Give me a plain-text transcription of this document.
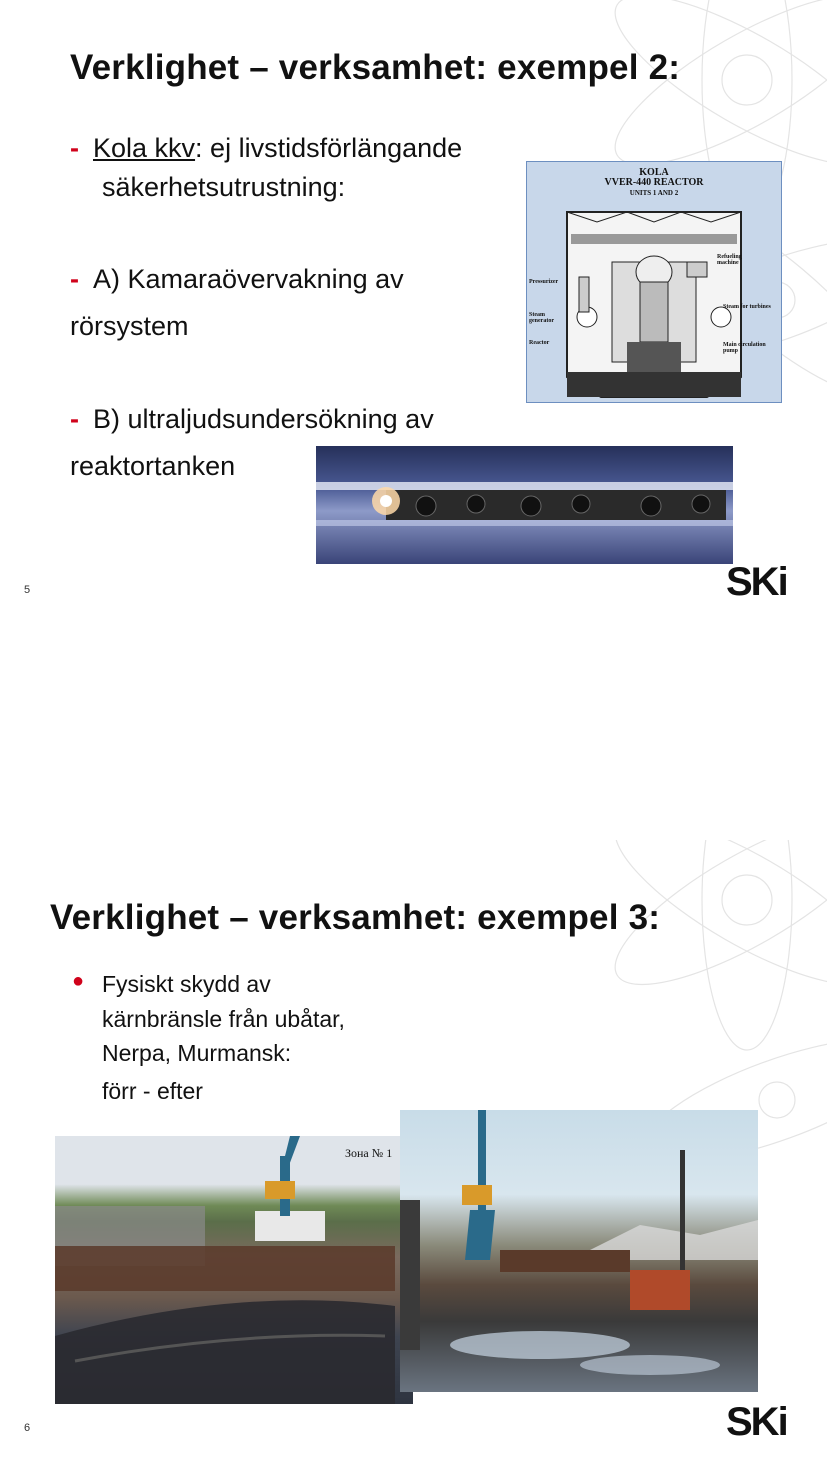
Verklighet – verksamhet: exempel 2:
- Kola kkv: ej livstidsförlängande
säkerhetsutrustning:
- A) Kamaraövervakning av
rörsystem
- B) ultraljudsundersökning av
reaktortanken
KOLA
VVER-440 REACTOR
UNITS 1 AND 2
Pressurizer
Steam generator
Reactor
Refueling machine
Steam for turbines
Main circulation pump
5	SKi
Verklighet – verksamhet: exempel 3:
● Fysiskt skydd av
kärnbränsle från ubåtar,
Nerpa, Murmansk:
förr - efter
Зона № 1
6	SKi
